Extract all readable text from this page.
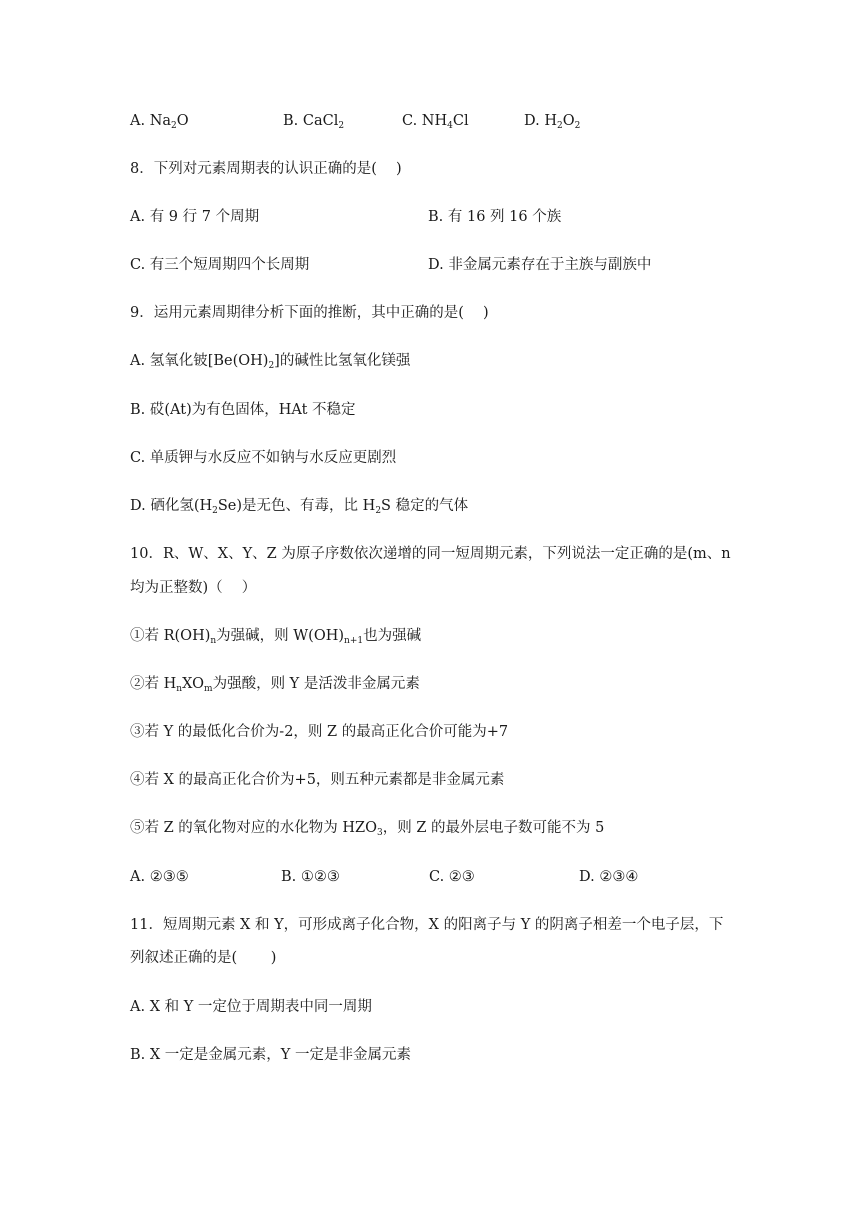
A. $Na_2O$	B. CaCl$_2$	C. $NH_4Cl$	D. $H_2O_2$
8．下列对元素周期表的认识正确的是(　 )
A. 有 9 行 7 个周期	B. 有 16 列 16 个族
C. 有三个短周期四个长周期	D. 非金属元素存在于主族与副族中
9．运用元素周期律分析下面的推断，其中正确的是(　 )
A. 氢氧化铍$[Be(OH)_2]$的碱性比氢氧化镁强
B. 砹(At)为有色固体，HAt 不稳定
C. 单质钾与水反应不如钠与水反应更剧烈
D. 硒化氢$(H_2Se)$是无色、有毒，比 $H_2S$ 稳定的气体
10．R、W、X、Y、Z 为原子序数依次递增的同一短周期元素，下列说法一定正确的是(m、n
均为正整数)（　 ）
①若 $R(OH)_n$为强碱，则 $W(OH)_{n+1}$也为强碱
②若 $H_nXO_m$为强酸，则 Y 是活泼非金属元素
③若 Y 的最低化合价为-2，则 Z 的最高正化合价可能为+7
④若 X 的最高正化合价为+5，则五种元素都是非金属元素
⑤若 Z 的氧化物对应的水化物为 $HZO_3$，则 Z 的最外层电子数可能不为 5
A. ②③⑤	B. ①②③	C. ②③	D. ②③④
11．短周期元素 X 和 Y，可形成离子化合物，X 的阳离子与 Y 的阴离子相差一个电子层，下
列叙述正确的是(　 　)
A. X 和 Y 一定位于周期表中同一周期
B. X 一定是金属元素，Y 一定是非金属元素
